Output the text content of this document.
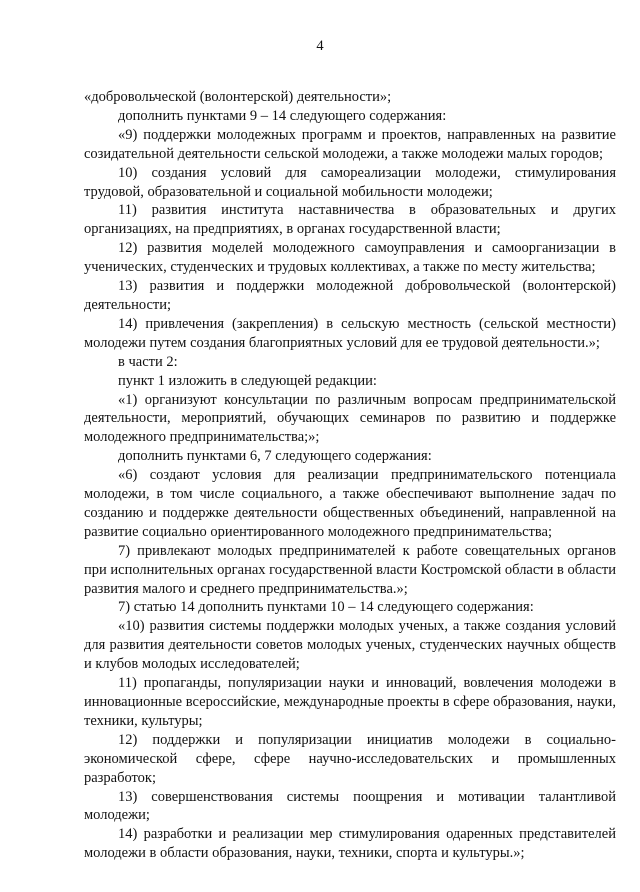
4

«добровольческой (волонтерской) деятельности»;

дополнить пунктами 9 – 14 следующего содержания:

«9) поддержки молодежных программ и проектов, направленных на развитие созидательной деятельности сельской молодежи, а также молодежи малых городов;

10) создания условий для самореализации молодежи, стимулирования трудовой, образовательной и социальной мобильности молодежи;

11) развития института наставничества в образовательных и других организациях, на предприятиях, в органах государственной власти;

12) развития моделей молодежного самоуправления и самоорганизации в ученических, студенческих и трудовых коллективах, а также по месту жительства;

13) развития и поддержки молодежной добровольческой (волонтерской) деятельности;

14) привлечения (закрепления) в сельскую местность (сельской местности) молодежи путем создания благоприятных условий для ее трудовой деятельности.»;

в части 2:

пункт 1 изложить в следующей редакции:

«1) организуют консультации по различным вопросам предпринимательской деятельности, мероприятий, обучающих семинаров по развитию и поддержке молодежного предпринимательства;»;

дополнить пунктами 6, 7 следующего содержания:

«6) создают условия для реализации предпринимательского потенциала молодежи, в том числе социального, а также обеспечивают выполнение задач по созданию и поддержке деятельности общественных объединений, направленной на развитие социально ориентированного молодежного предпринимательства;

7) привлекают молодых предпринимателей к работе совещательных органов при исполнительных органах государственной власти Костромской области в области развития малого и среднего предпринимательства.»;

7) статью 14 дополнить пунктами 10 – 14 следующего содержания:

«10) развития системы поддержки молодых ученых, а также создания условий для развития деятельности советов молодых ученых, студенческих научных обществ и клубов молодых исследователей;

11) пропаганды, популяризации науки и инноваций, вовлечения молодежи в инновационные всероссийские, международные проекты в сфере образования, науки, техники, культуры;

12) поддержки и популяризации инициатив молодежи в социально-экономической сфере, сфере научно-исследовательских и промышленных разработок;

13) совершенствования системы поощрения и мотивации талантливой молодежи;

14) разработки и реализации мер стимулирования одаренных представителей молодежи в области образования, науки, техники, спорта и культуры.»;
